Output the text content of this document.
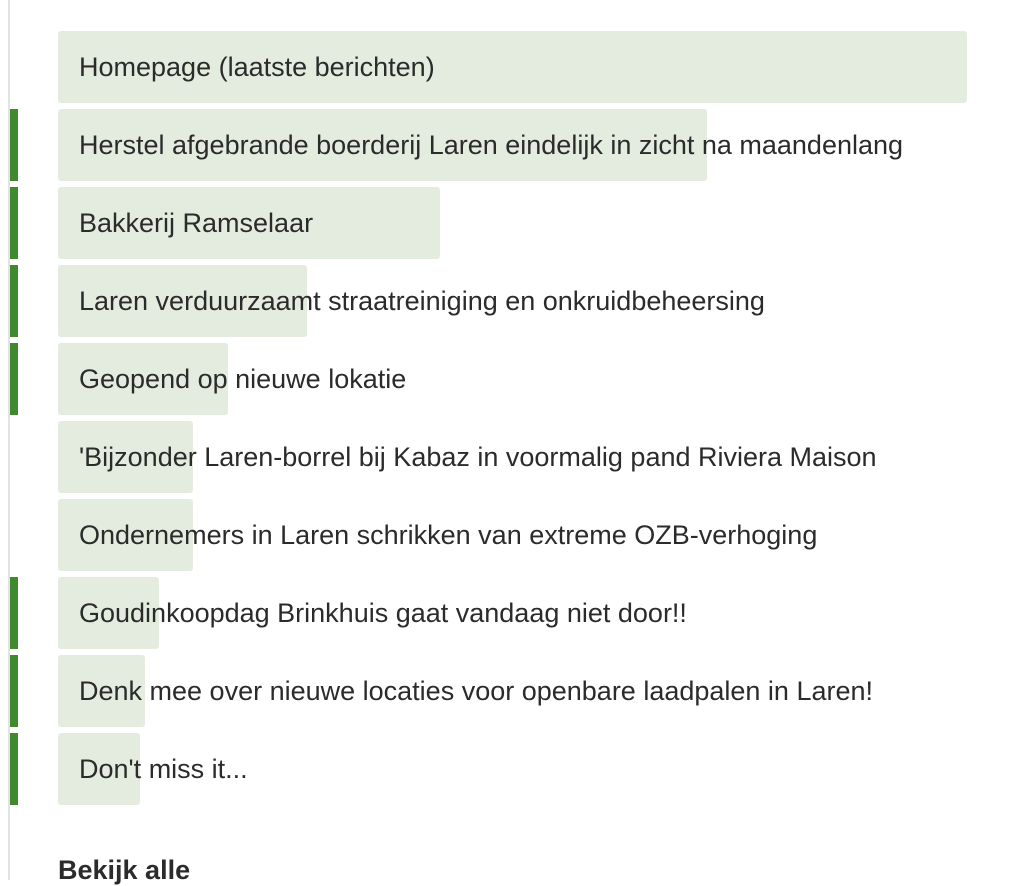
Homepage (laatste berichten)
Herstel afgebrande boerderij Laren eindelijk in zicht na maandenlang
Bakkerij Ramselaar
Laren verduurzaamt straatreiniging en onkruidbeheersing
Geopend op nieuwe lokatie
'Bijzonder Laren-borrel bij Kabaz in voormalig pand Riviera Maison
Ondernemers in Laren schrikken van extreme OZB-verhoging
Goudinkoopdag Brinkhuis gaat vandaag niet door!!
Denk mee over nieuwe locaties voor openbare laadpalen in Laren!
Don't miss it...
Bekijk alle
